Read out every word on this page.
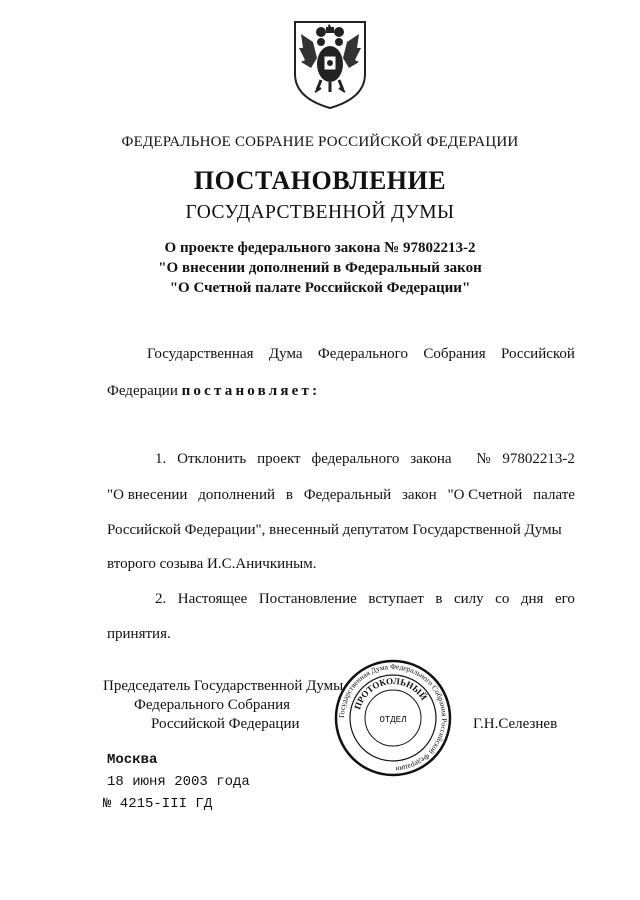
ФЕДЕРАЛЬНОЕ СОБРАНИЕ РОССИЙСКОЙ ФЕДЕРАЦИИ
ПОСТАНОВЛЕНИЕ
ГОСУДАРСТВЕННОЙ ДУМЫ
О проекте федерального закона № 97802213-2
"О внесении дополнений в Федеральный закон
"О Счетной палате Российской Федерации"
Государственная Дума Федерального Собрания Российской
Федерации постановляет:
1. Отклонить проект федерального закона № 97802213-2
"О внесении дополнений в Федеральный закон "О Счетной палате
Российской Федерации", внесенный депутатом Государственной Думы
второго созыва И.С.Аничкиным.
2. Настоящее Постановление вступает в силу со дня его
принятия.
Председатель Государственной Думы
Федерального Собрания
Российской Федерации	Г.Н.Селезнев
Государственная Дума Федерального Собрания Российской Федерации
ПРОТОКОЛЬНЫЙ
ОТДЕЛ
Москва
18 июня 2003 года
№ 4215-III ГД
